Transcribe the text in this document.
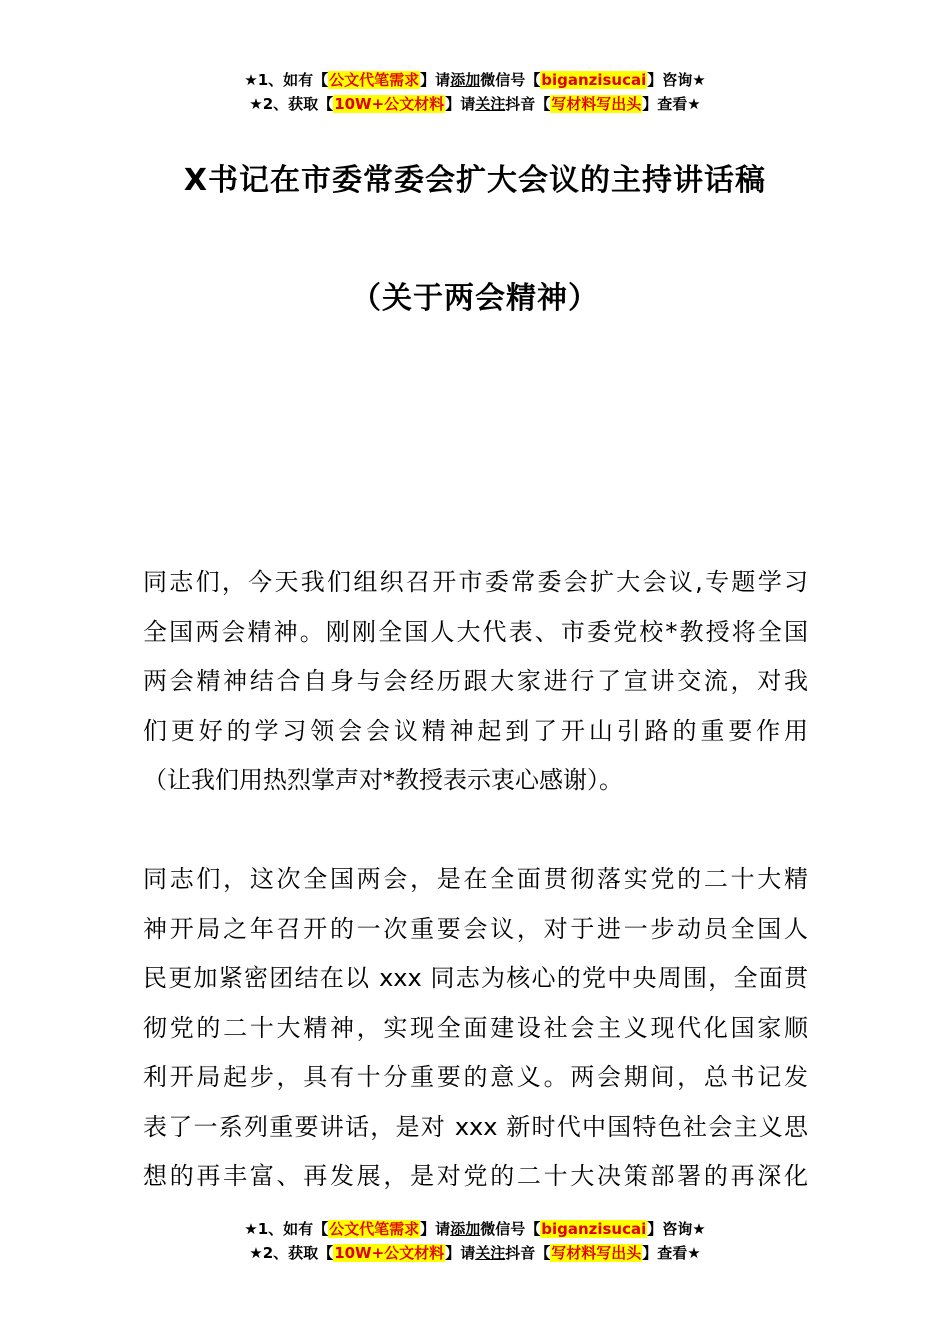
★1、如有【公文代笔需求】请添加微信号【biganzisucai】咨询★
★2、获取【10W+公文材料】请关注抖音【写材料写出头】查看★
X书记在市委常委会扩大会议的主持讲话稿
（关于两会精神）
同志们，今天我们组织召开市委常委会扩大会议,专题学习
全国两会精神。刚刚全国人大代表、市委党校*教授将全国
两会精神结合自身与会经历跟大家进行了宣讲交流，对我
们更好的学习领会会议精神起到了开山引路的重要作用
（让我们用热烈掌声对*教授表示衷心感谢）。
同志们，这次全国两会，是在全面贯彻落实党的二十大精
神开局之年召开的一次重要会议，对于进一步动员全国人
民更加紧密团结在以 xxx 同志为核心的党中央周围，全面贯
彻党的二十大精神，实现全面建设社会主义现代化国家顺
利开局起步，具有十分重要的意义。两会期间，总书记发
表了一系列重要讲话，是对 xxx 新时代中国特色社会主义思
想的再丰富、再发展，是对党的二十大决策部署的再深化
★1、如有【公文代笔需求】请添加微信号【biganzisucai】咨询★
★2、获取【10W+公文材料】请关注抖音【写材料写出头】查看★
